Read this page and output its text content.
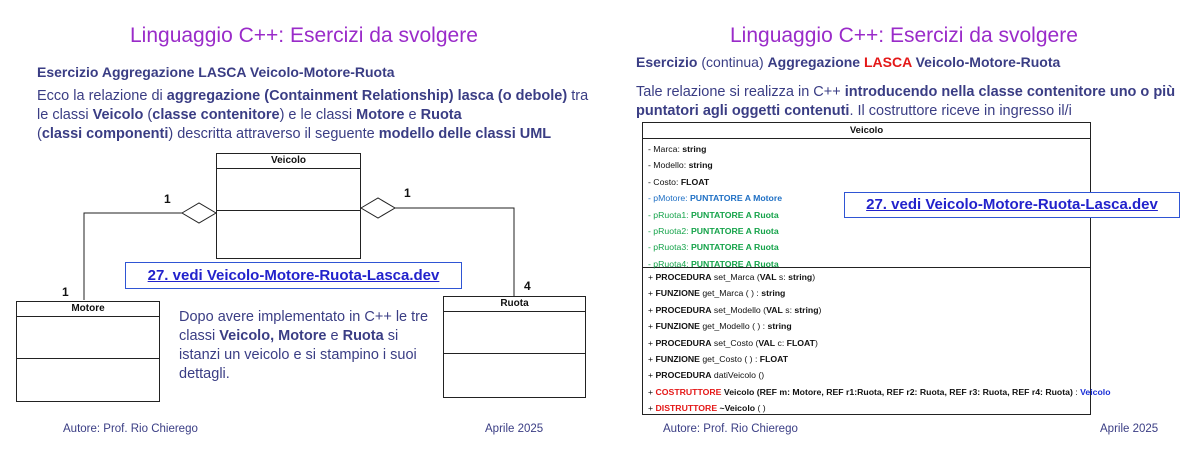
Linguaggio C++: Esercizi da svolgere
Esercizio Aggregazione LASCA Veicolo-Motore-Ruota
Ecco la relazione di aggregazione (Containment Relationship) lasca (o debole) tra le classi Veicolo (classe contenitore) e le classi Motore e Ruota
(classi componenti) descritta attraverso il seguente modello delle classi UML
Veicolo
Motore	Ruota
1	1
1	4
27. vedi Veicolo-Motore-Ruota-Lasca.dev
Dopo avere implementato in C++ le tre classi Veicolo, Motore e Ruota si istanzi un veicolo e si stampino i suoi dettagli.
Autore: Prof. Rio Chierego	Aprile 2025
Linguaggio C++: Esercizi da svolgere
Esercizio (continua) Aggregazione LASCA Veicolo-Motore-Ruota
Tale relazione si realizza in C++ introducendo nella classe contenitore uno o più puntatori agli oggetti contenuti. Il costruttore riceve in ingresso il/i
Veicolo
- Marca: string
- Modello: string
- Costo: FLOAT
- pMotore: PUNTATORE A Motore
- pRuota1: PUNTATORE A Ruota
- pRuota2: PUNTATORE A Ruota
- pRuota3: PUNTATORE A Ruota
- pRuota4: PUNTATORE A Ruota
+ PROCEDURA set_Marca (VAL s: string)
+ FUNZIONE get_Marca ( ) : string
+ PROCEDURA set_Modello (VAL s: string)
+ FUNZIONE get_Modello ( ) : string
+ PROCEDURA set_Costo (VAL c: FLOAT)
+ FUNZIONE get_Costo ( ) : FLOAT
+ PROCEDURA datiVeicolo ()
+ COSTRUTTORE Veicolo (REF m: Motore, REF r1:Ruota, REF r2: Ruota, REF r3: Ruota, REF r4: Ruota) : Veicolo
+ DISTRUTTORE ~Veicolo ( )
27. vedi Veicolo-Motore-Ruota-Lasca.dev
Autore: Prof. Rio Chierego	Aprile 2025
